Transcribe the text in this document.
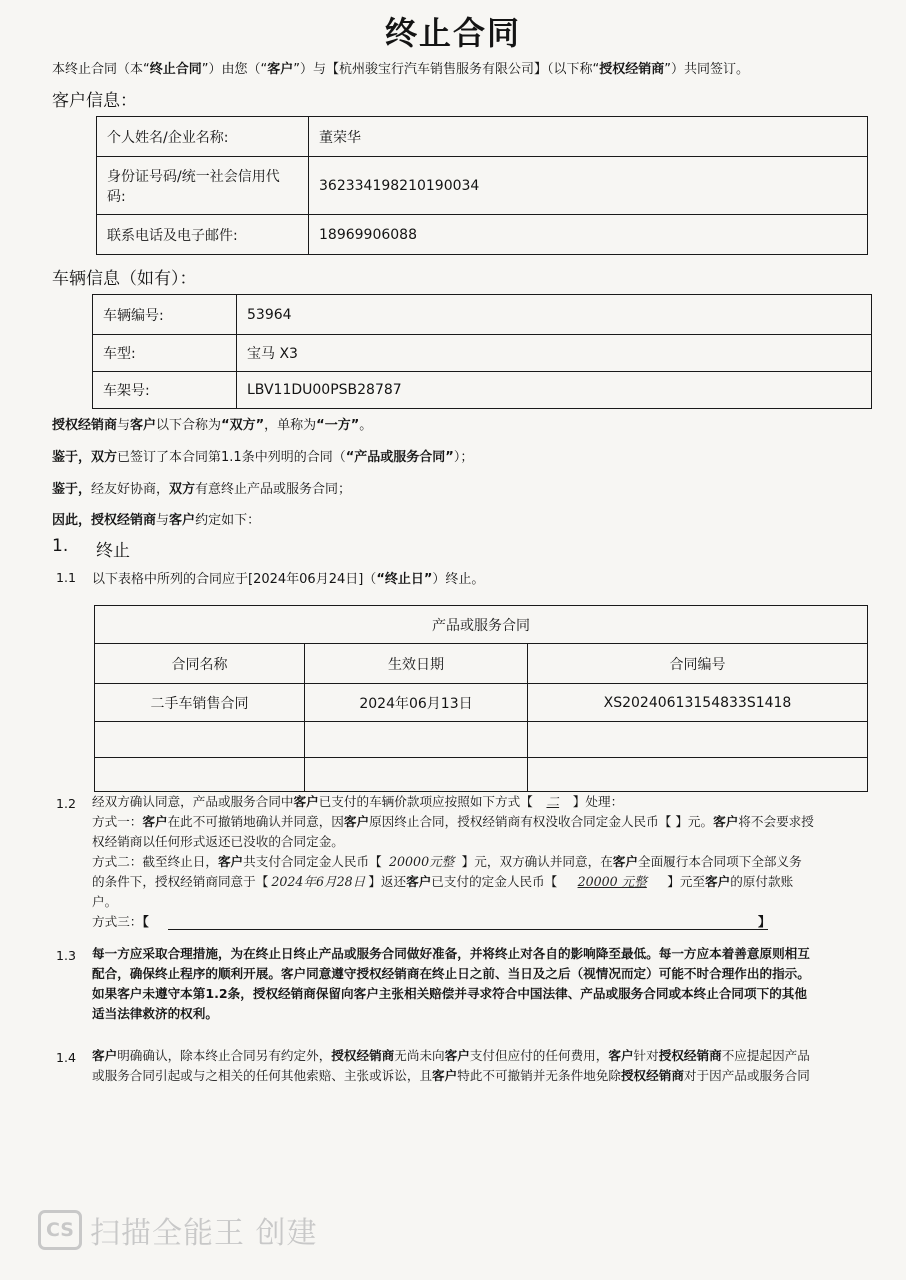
终止合同
本终止合同（本“终止合同”）由您（“客户”）与【杭州骏宝行汽车销售服务有限公司】（以下称“授权经销商”）共同签订。
客户信息：
个人姓名/企业名称:	董荣华
身份证号码/统一社会信用代码:	362334198210190034
联系电话及电子邮件:	18969906088
车辆信息（如有）：
车辆编号:	53964
车型:	宝马 X3
车架号:	LBV11DU00PSB28787
授权经销商与客户以下合称为“双方”，单称为“一方”。
鉴于，双方已签订了本合同第1.1条中列明的合同（“产品或服务合同”）；
鉴于，经友好协商，双方有意终止产品或服务合同；
因此，授权经销商与客户约定如下：
1. 终止
1.1 以下表格中所列的合同应于[2024年06月24日]（“终止日”）终止。
产品或服务合同		
合同名称	生效日期	合同编号
二手车销售合同	2024年06月13日	XS20240613154833S1418

1.2 经双方确认同意，产品或服务合同中客户已支付的车辆价款项应按照如下方式【 二 】处理：
方式一：客户在此不可撤销地确认并同意，因客户原因终止合同，授权经销商有权没收合同定金人民币【 】元。客户将不会要求授
权经销商以任何形式返还已没收的合同定金。
方式二：截至终止日，客户共支付合同定金人民币【 20000元整 】元，双方确认并同意，在客户全面履行本合同项下全部义务
的条件下，授权经销商同意于【 2024年6月28日 】返还客户已支付的定金人民币【 20000 元整 】元至客户的原付款账
户。
方式三：【	】
1.3 每一方应采取合理措施，为在终止日终止产品或服务合同做好准备，并将终止对各自的影响降至最低。每一方应本着善意原则相互
配合，确保终止程序的顺利开展。客户同意遵守授权经销商在终止日之前、当日及之后（视情况而定）可能不时合理作出的指示。
如果客户未遵守本第1.2条，授权经销商保留向客户主张相关赔偿并寻求符合中国法律、产品或服务合同或本终止合同项下的其他
适当法律救济的权利。
1.4 客户明确确认，除本终止合同另有约定外，授权经销商无尚未向客户支付但应付的任何费用，客户针对授权经销商不应提起因产品
或服务合同引起或与之相关的任何其他索赔、主张或诉讼，且客户特此不可撤销并无条件地免除授权经销商对于因产品或服务合同
CS 扫描全能王 创建
